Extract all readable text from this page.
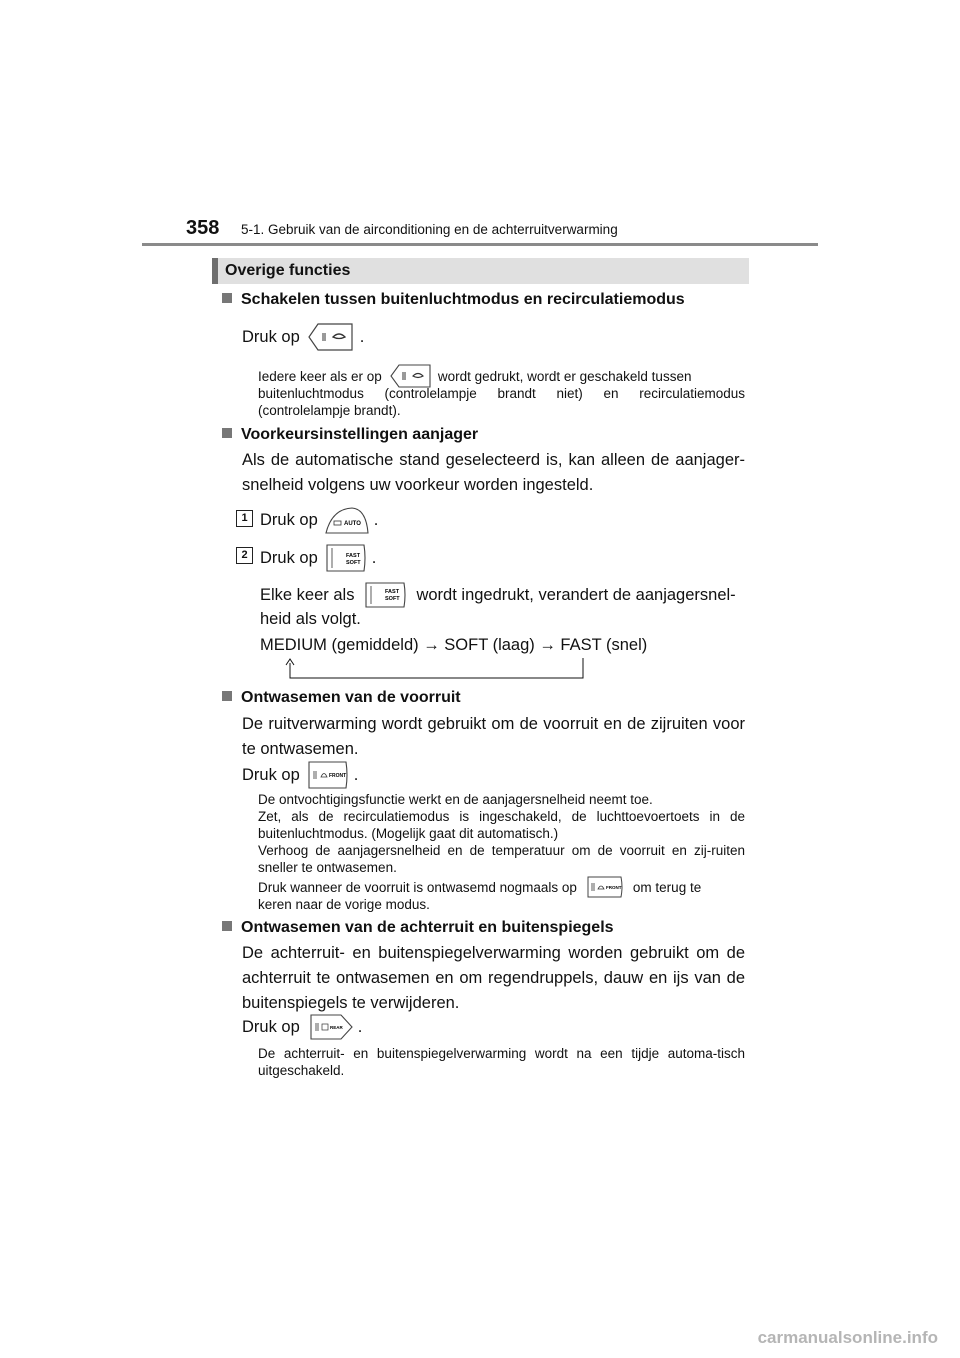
358 5-1. Gebruik van de airconditioning en de achterruitverwarming
Overige functies
Schakelen tussen buitenluchtmodus en recirculatiemodus
Druk op	.
Iedere keer als er op	wordt gedrukt, wordt er geschakeld tussen
buitenluchtmodus (controlelampje brandt niet) en recirculatiemodus (controlelampje brandt).
Voorkeursinstellingen aanjager
Als de automatische stand geselecteerd is, kan alleen de aanjager-snelheid volgens uw voorkeur worden ingesteld.
1 Druk op	AUTO .
2 Druk op	FAST
SOFT .
Elke keer als	FAST
SOFT wordt ingedrukt, verandert de aanjagersnel-
heid als volgt.
MEDIUM (gemiddeld) → SOFT (laag) → FAST (snel)
Ontwasemen van de voorruit
De ruitverwarming wordt gebruikt om de voorruit en de zijruiten voor te ontwasemen.
Druk op	FRONT .
De ontvochtigingsfunctie werkt en de aanjagersnelheid neemt toe.
Zet, als de recirculatiemodus is ingeschakeld, de luchttoevoertoets in de buitenluchtmodus. (Mogelijk gaat dit automatisch.)
Verhoog de aanjagersnelheid en de temperatuur om de voorruit en zij-ruiten sneller te ontwasemen.
Druk wanneer de voorruit is ontwasemd nogmaals op	FRONT om terug te
keren naar de vorige modus.
Ontwasemen van de achterruit en buitenspiegels
De achterruit- en buitenspiegelverwarming worden gebruikt om de achterruit te ontwasemen en om regendruppels, dauw en ijs van de buitenspiegels te verwijderen.
Druk op	REAR .
De achterruit- en buitenspiegelverwarming wordt na een tijdje automa-tisch uitgeschakeld.
carmanualsonline.info
